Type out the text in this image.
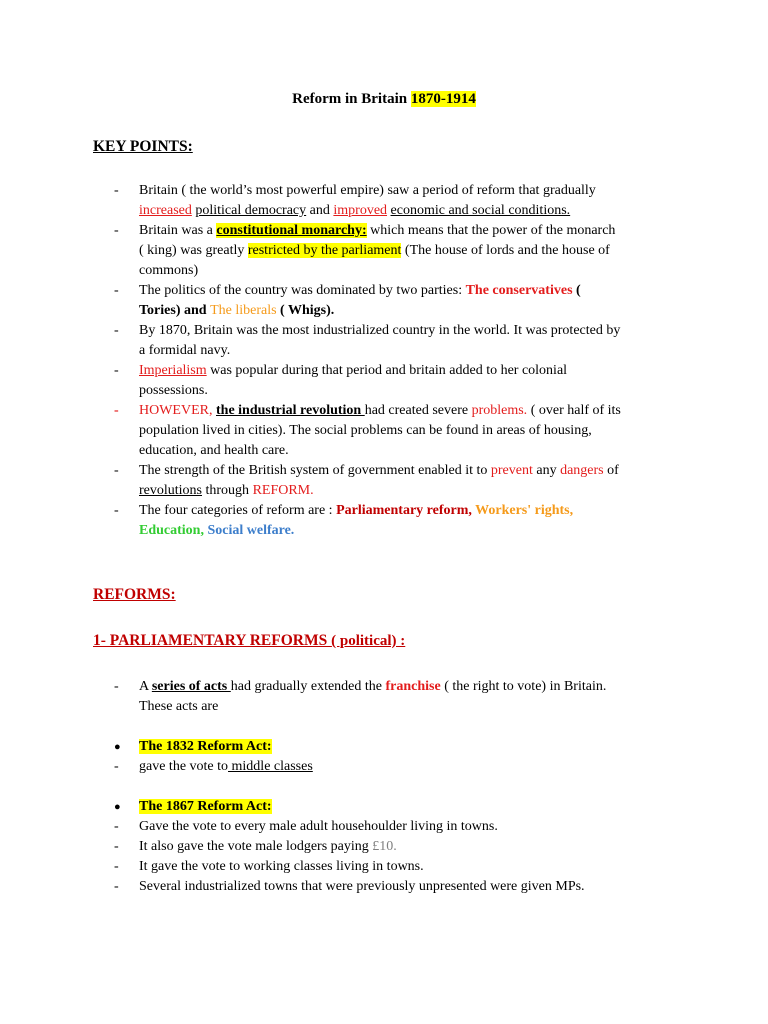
Reform in Britain 1870-1914
KEY POINTS:
- Britain ( the world’s most powerful empire) saw a period of reform that gradually
increased political democracy and improved economic and social conditions.
- Britain was a constitutional monarchy: which means that the power of the monarch
( king) was greatly restricted by the parliament (The house of lords and the house of
commons)
- The politics of the country was dominated by two parties: The conservatives (
Tories) and The liberals ( Whigs).
- By 1870, Britain was the most industrialized country in the world. It was protected by
a formidal navy.
- Imperialism was popular during that period and britain added to her colonial
possessions.
- HOWEVER, the industrial revolution had created severe problems. ( over half of its
population lived in cities). The social problems can be found in areas of housing,
education, and health care.
- The strength of the British system of government enabled it to prevent any dangers of
revolutions through REFORM.
- The four categories of reform are : Parliamentary reform, Workers' rights,
Education, Social welfare.
REFORMS:
1- PARLIAMENTARY REFORMS ( political) :
- A series of acts had gradually extended the franchise ( the right to vote) in Britain.
These acts are
● The 1832 Reform Act:
- gave the vote to middle classes
● The 1867 Reform Act:
- Gave the vote to every male adult househoulder living in towns.
- It also gave the vote male lodgers paying £10.
- It gave the vote to working classes living in towns.
- Several industrialized towns that were previously unpresented were given MPs.
